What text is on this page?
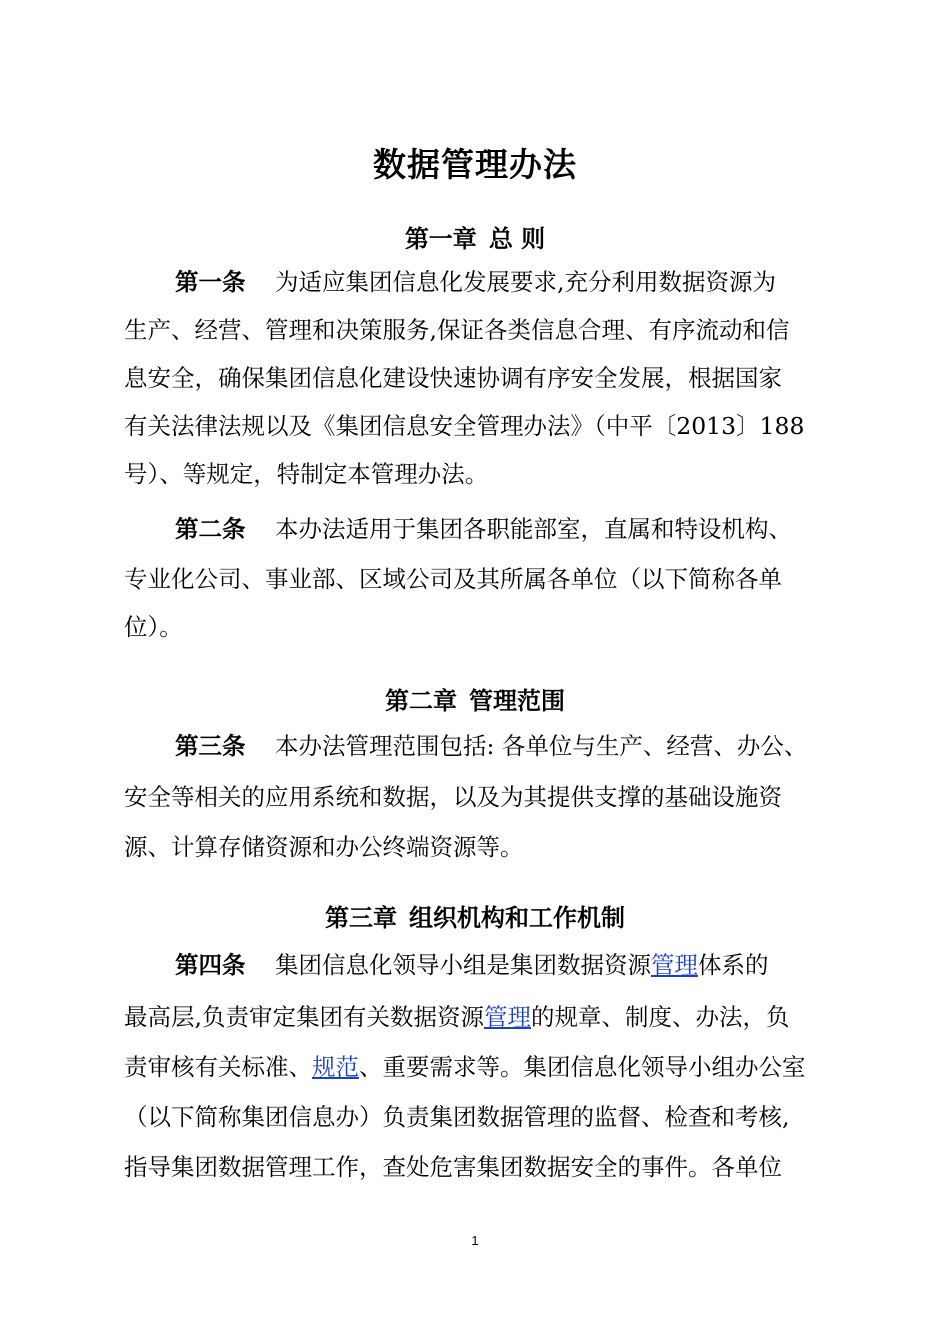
数据管理办法
第一章 总 则
第一条 为适应集团信息化发展要求,充分利用数据资源为
生产、经营、管理和决策服务,保证各类信息合理、有序流动和信
息安全，确保集团信息化建设快速协调有序安全发展，根据国家
有关法律法规以及《集团信息安全管理办法》（中平〔2013〕188
号）、等规定，特制定本管理办法。
第二条 本办法适用于集团各职能部室，直属和特设机构、
专业化公司、事业部、区域公司及其所属各单位（以下简称各单
位）。
第二章 管理范围
第三条 本办法管理范围包括: 各单位与生产、经营、办公、
安全等相关的应用系统和数据，以及为其提供支撑的基础设施资
源、计算存储资源和办公终端资源等。
第三章 组织机构和工作机制
第四条 集团信息化领导小组是集团数据资源管理体系的
最高层,负责审定集团有关数据资源管理的规章、制度、办法，负
责审核有关标准、规范、重要需求等。集团信息化领导小组办公室
（以下简称集团信息办）负责集团数据管理的监督、检查和考核,
指导集团数据管理工作，查处危害集团数据安全的事件。各单位
1
